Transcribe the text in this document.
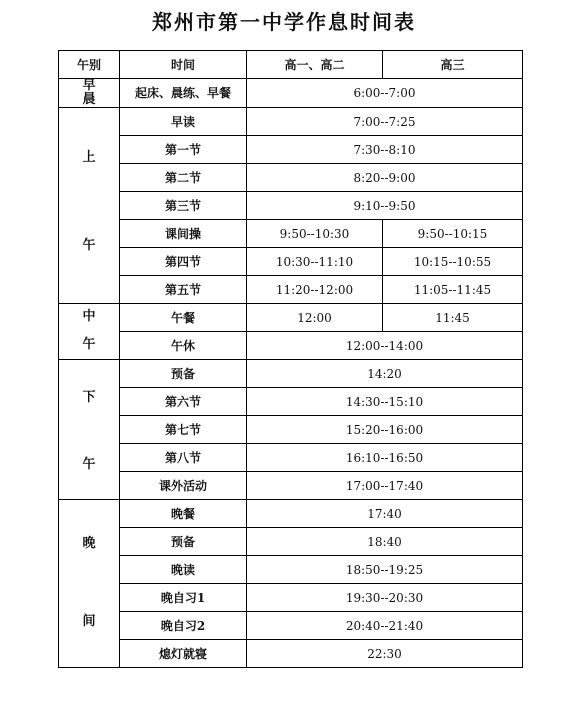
郑州市第一中学作息时间表
午别	时间	高一、高二	高三

早
晨	起床、晨练、早餐	6:00--7:00	

上
午	早读	7:00--7:25	
	第一节	7:30--8:10	
	第二节	8:20--9:00	
	第三节	9:10--9:50	
	课间操	9:50--10:30	9:50--10:15
	第四节	10:30--11:10	10:15--10:55
	第五节	11:20--12:00	11:05--11:45

中
午	午餐	12:00	11:45
	午休	12:00--14:00	

下
午	预备	14:20	
	第六节	14:30--15:10	
	第七节	15:20--16:00	
	第八节	16:10--16:50	
	课外活动	17:00--17:40	

晚
间	晚餐	17:40	
	预备	18:40	
	晚读	18:50--19:25	
	晚自习1	19:30--20:30	
	晚自习2	20:40--21:40	
	熄灯就寝	22:30	
